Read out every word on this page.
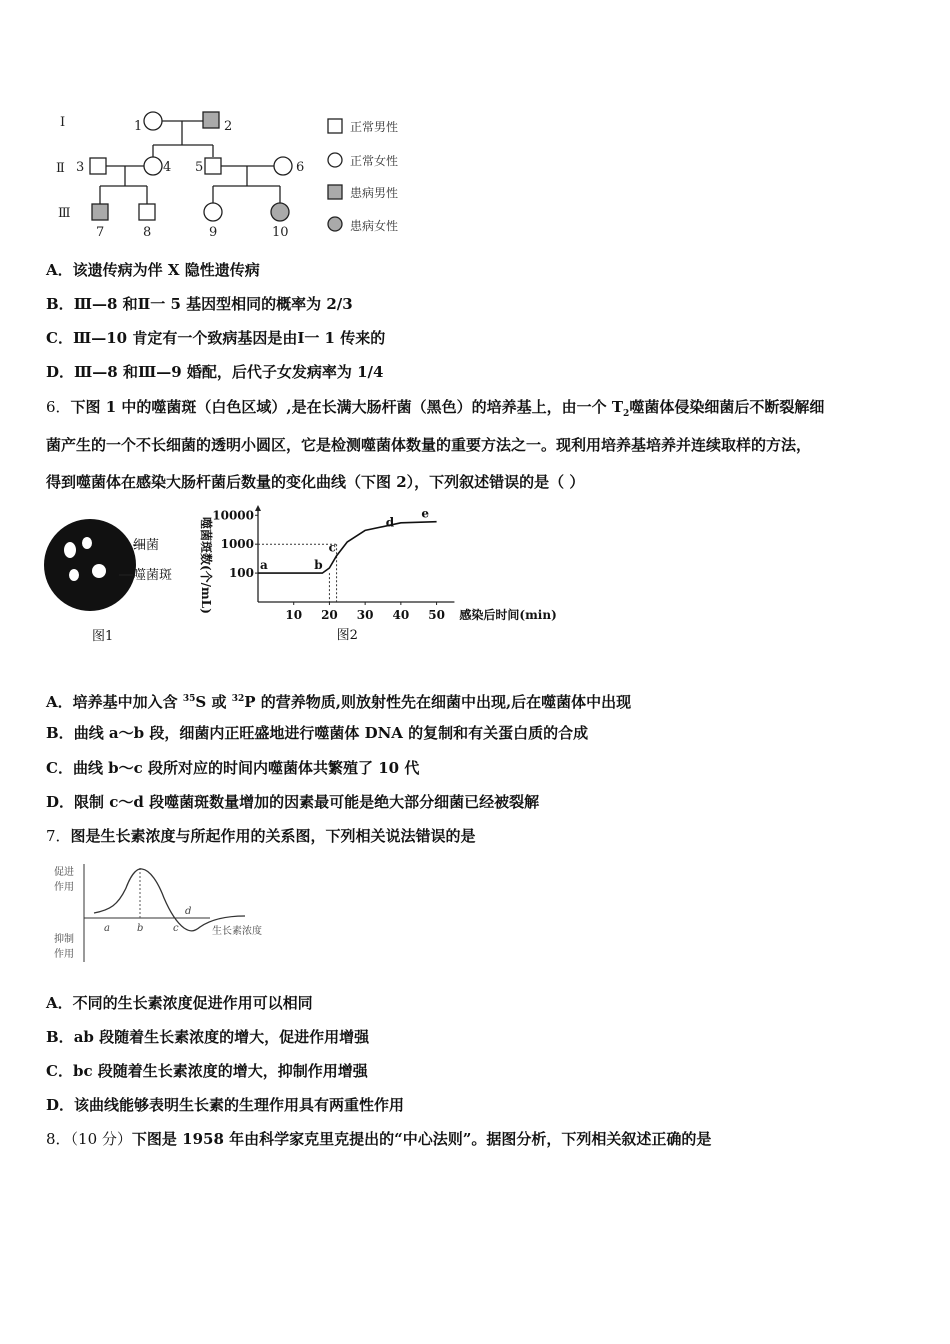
Ⅰ
Ⅱ
Ⅲ
1	2
3	4 5	6
7	8	9	10
正常男性
正常女性
患病男性
患病女性
A．该遗传病为伴 X 隐性遗传病
B．Ⅲ—8 和Ⅱ一 5 基因型相同的概率为 2/3
C．Ⅲ—10 肯定有一个致病基因是由Ⅰ一 1 传来的
D．Ⅲ—8 和Ⅲ—9 婚配，后代子女发病率为 1/4
6．下图 1 中的噬菌斑（白色区域）,是在长满大肠杆菌（黑色）的培养基上，由一个 $T_2$噬菌体侵染细菌后不断裂解细
菌产生的一个不长细菌的透明小圆区，它是检测噬菌体数量的重要方法之一。现利用培养基培养并连续取样的方法，
得到噬菌体在感染大肠杆菌后数量的变化曲线（下图 2），下列叙述错误的是（ ）
细菌
噬菌斑
图1
100
1000
10000
10 20 30 40 50
a	b
c
d
e
噬菌斑数(个/mL)
感染后时间(min)
图2
A．培养基中加入含 $^{35}$S 或 $^{32}$P 的营养物质,则放射性先在细菌中出现,后在噬菌体中出现
B．曲线 a～b 段，细菌内正旺盛地进行噬菌体 DNA 的复制和有关蛋白质的合成
C．曲线 b～c 段所对应的时间内噬菌体共繁殖了 10 代
D．限制 c～d 段噬菌斑数量增加的因素最可能是绝大部分细菌已经被裂解
7．图是生长素浓度与所起作用的关系图，下列相关说法错误的是
促进
作用
抑制
作用
生长素浓度
a	b	c
d
A．不同的生长素浓度促进作用可以相同
B．ab 段随着生长素浓度的增大，促进作用增强
C．bc 段随着生长素浓度的增大，抑制作用增强
D．该曲线能够表明生长素的生理作用具有两重性作用
8．（10 分）下图是 1958 年由科学家克里克提出的“中心法则”。据图分析，下列相关叙述正确的是
